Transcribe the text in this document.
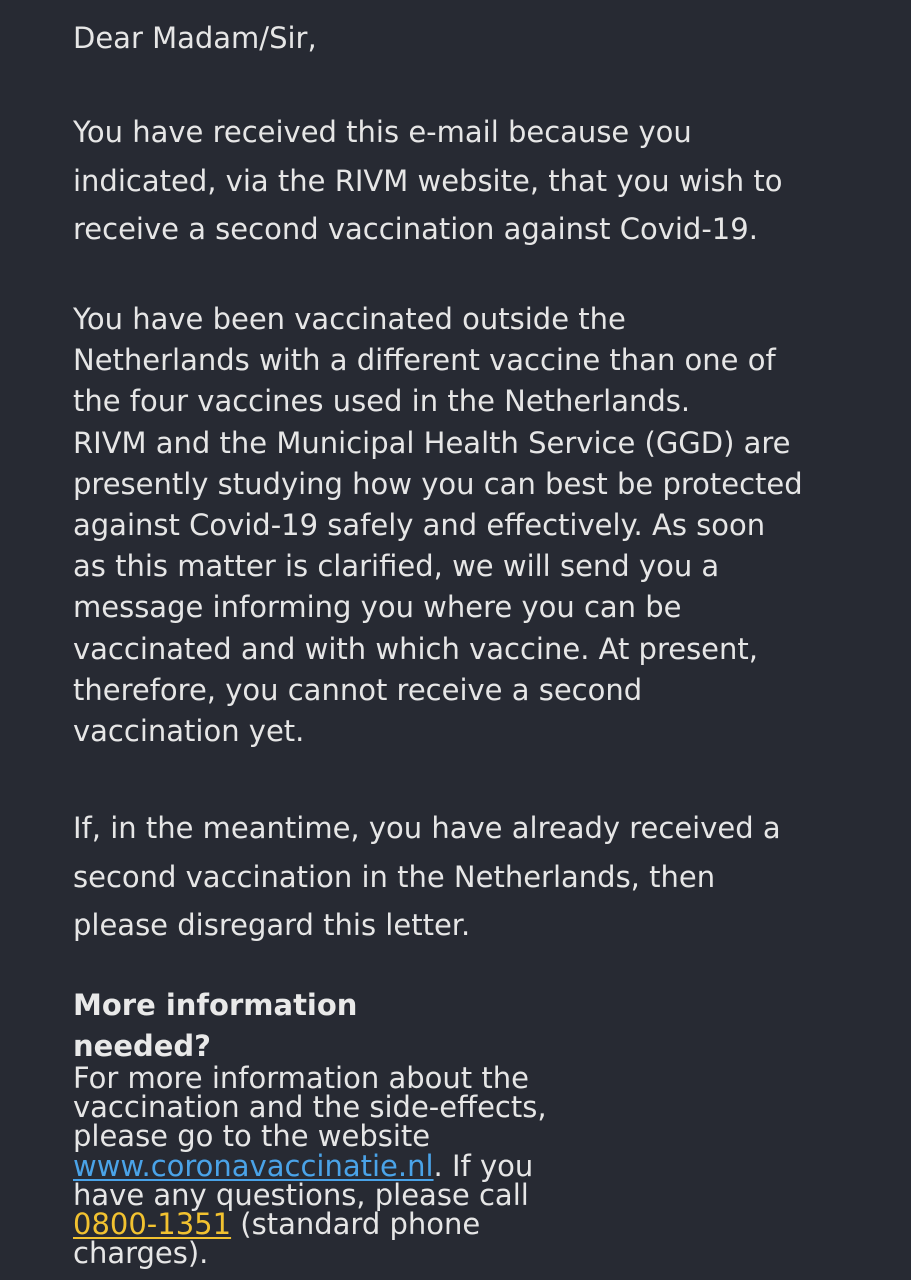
Dear Madam/Sir,

You have received this e-mail because you
indicated, via the RIVM website, that you wish to
receive a second vaccination against Covid-19.

You have been vaccinated outside the
Netherlands with a different vaccine than one of
the four vaccines used in the Netherlands.
RIVM and the Municipal Health Service (GGD) are
presently studying how you can best be protected
against Covid-19 safely and effectively. As soon
as this matter is clarified, we will send you a
message informing you where you can be
vaccinated and with which vaccine. At present,
therefore, you cannot receive a second
vaccination yet.

If, in the meantime, you have already received a
second vaccination in the Netherlands, then
please disregard this letter.

More information
needed?

For more information about the
vaccination and the side-effects,
please go to the website
www.coronavaccinatie.nl. If you
have any questions, please call
0800-1351 (standard phone
charges).
